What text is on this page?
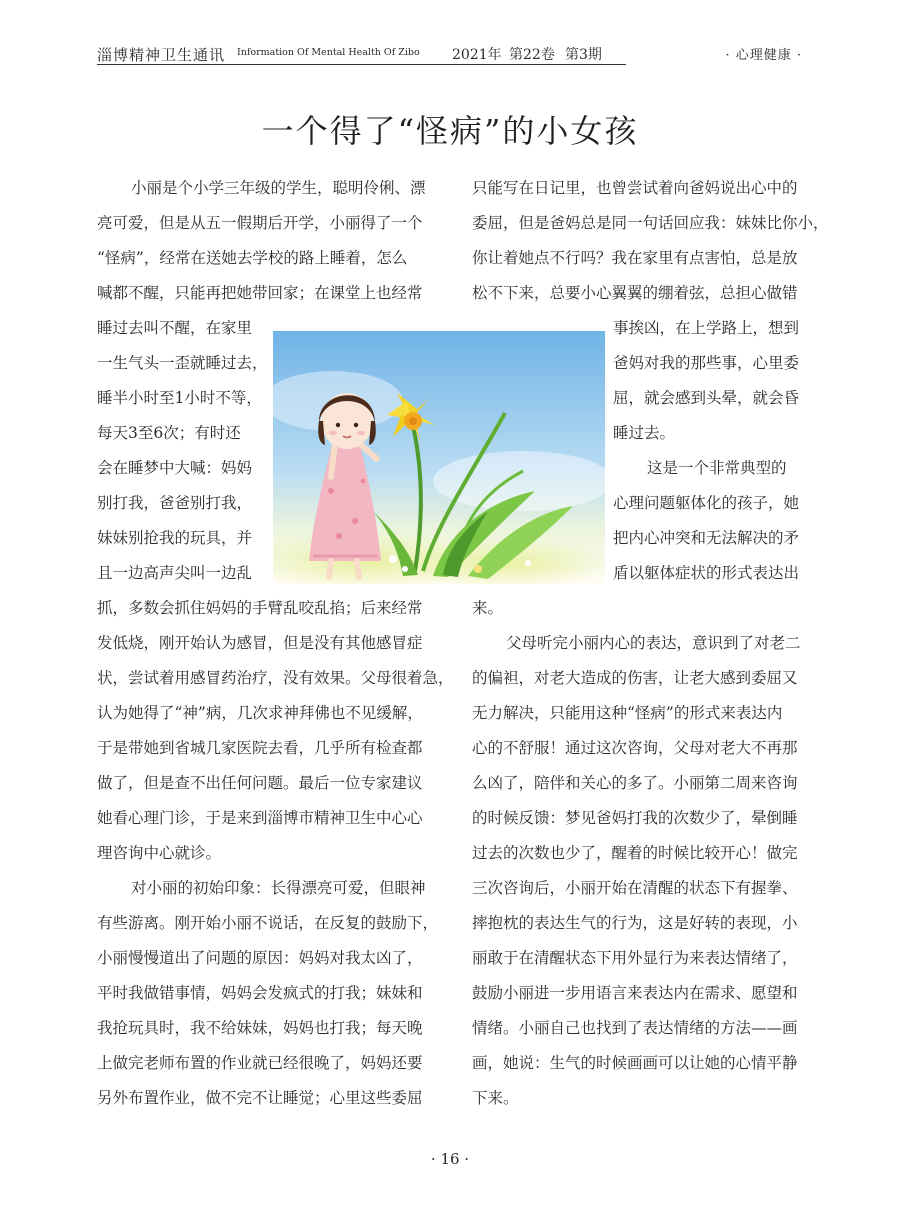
淄博精神卫生通讯 Information Of Mental Health Of Zibo 2021年 第22卷 第3期	· 心理健康 ·
一个得了“怪病”的小女孩
小丽是个小学三年级的学生，聪明伶俐、漂
亮可爱，但是从五一假期后开学，小丽得了一个
“怪病”，经常在送她去学校的路上睡着，怎么
喊都不醒，只能再把她带回家；在课堂上也经常
睡过去叫不醒，在家里
一生气头一歪就睡过去，
睡半小时至1小时不等，
每天3至6次；有时还
会在睡梦中大喊：妈妈
别打我，爸爸别打我，
妹妹别抢我的玩具，并
且一边高声尖叫一边乱
抓，多数会抓住妈妈的手臂乱咬乱掐；后来经常
发低烧，刚开始认为感冒，但是没有其他感冒症
状，尝试着用感冒药治疗，没有效果。父母很着急，
认为她得了“神”病，几次求神拜佛也不见缓解，
于是带她到省城几家医院去看，几乎所有检查都
做了，但是查不出任何问题。最后一位专家建议
她看心理门诊，于是来到淄博市精神卫生中心心
理咨询中心就诊。
对小丽的初始印象：长得漂亮可爱，但眼神
有些游离。刚开始小丽不说话，在反复的鼓励下，
小丽慢慢道出了问题的原因：妈妈对我太凶了，
平时我做错事情，妈妈会发疯式的打我；妹妹和
我抢玩具时，我不给妹妹，妈妈也打我；每天晚
上做完老师布置的作业就已经很晚了，妈妈还要
另外布置作业，做不完不让睡觉；心里这些委屈
只能写在日记里，也曾尝试着向爸妈说出心中的
委屈，但是爸妈总是同一句话回应我：妹妹比你小，
你让着她点不行吗？我在家里有点害怕，总是放
松不下来，总要小心翼翼的绷着弦，总担心做错
事挨凶，在上学路上，想到
爸妈对我的那些事，心里委
屈，就会感到头晕，就会昏
睡过去。
这是一个非常典型的
心理问题躯体化的孩子，她
把内心冲突和无法解决的矛
盾以躯体症状的形式表达出
来。
父母听完小丽内心的表达，意识到了对老二
的偏袒，对老大造成的伤害，让老大感到委屈又
无力解决，只能用这种“怪病”的形式来表达内
心的不舒服！通过这次咨询，父母对老大不再那
么凶了，陪伴和关心的多了。小丽第二周来咨询
的时候反馈：梦见爸妈打我的次数少了，晕倒睡
过去的次数也少了，醒着的时候比较开心！做完
三次咨询后，小丽开始在清醒的状态下有握拳、
摔抱枕的表达生气的行为，这是好转的表现，小
丽敢于在清醒状态下用外显行为来表达情绪了，
鼓励小丽进一步用语言来表达内在需求、愿望和
情绪。小丽自己也找到了表达情绪的方法——画
画，她说：生气的时候画画可以让她的心情平静
下来。
· 16 ·
